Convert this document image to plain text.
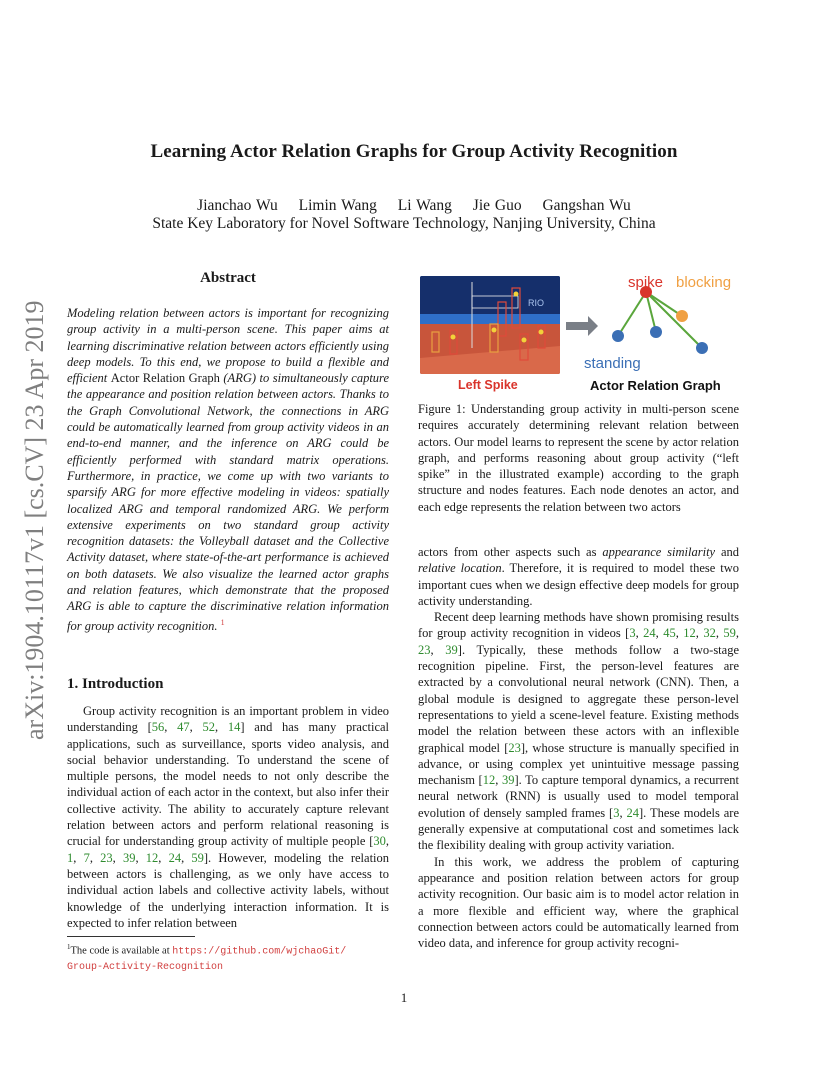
arXiv:1904.10117v1 [cs.CV] 23 Apr 2019
Learning Actor Relation Graphs for Group Activity Recognition
Jianchao Wu Limin Wang Li Wang Jie Guo Gangshan Wu
State Key Laboratory for Novel Software Technology, Nanjing University, China
Abstract
Modeling relation between actors is important for recognizing group activity in a multi-person scene. This paper aims at learning discriminative relation between actors efficiently using deep models. To this end, we propose to build a flexible and efficient Actor Relation Graph (ARG) to simultaneously capture the appearance and position relation between actors. Thanks to the Graph Convolutional Network, the connections in ARG could be automatically learned from group activity videos in an end-to-end manner, and the inference on ARG could be efficiently performed with standard matrix operations. Furthermore, in practice, we come up with two variants to sparsify ARG for more effective modeling in videos: spatially localized ARG and temporal randomized ARG. We perform extensive experiments on two standard group activity recognition datasets: the Volleyball dataset and the Collective Activity dataset, where state-of-the-art performance is achieved on both datasets. We also visualize the learned actor graphs and relation features, which demonstrate that the proposed ARG is able to capture the discriminative relation information for group activity recognition. $^1$
1. Introduction

Group activity recognition is an important problem in video understanding [56, 47, 52, 14] and has many practical applications, such as surveillance, sports video analysis, and social behavior understanding. To understand the scene of multiple persons, the model needs to not only describe the individual action of each actor in the context, but also infer their collective activity. The ability to accurately capture relevant relation between actors and perform relational reasoning is crucial for understanding group activity of multiple people [30, 1, 7, 23, 39, 12, 24, 59]. However, modeling the relation between actors is challenging, as we only have access to individual action labels and collective activity labels, without knowledge of the underlying interaction information. It is expected to infer relation between

$^1$The code is available at https://github.com/wjchaoGit/
Group-Activity-Recognition
RIO
Left Spike	Actor Relation Graph
spike blocking
standing
Figure 1: Understanding group activity in multi-person scene requires accurately determining relevant relation between actors. Our model learns to represent the scene by actor relation graph, and performs reasoning about group activity (“left spike” in the illustrated example) according to the graph structure and nodes features. Each node denotes an actor, and each edge represents the relation between two actors

actors from other aspects such as appearance similarity and relative location. Therefore, it is required to model these two important cues when we design effective deep models for group activity understanding.

Recent deep learning methods have shown promising results for group activity recognition in videos [3, 24, 45, 12, 32, 59, 23, 39]. Typically, these methods follow a two-stage recognition pipeline. First, the person-level features are extracted by a convolutional neural network (CNN). Then, a global module is designed to aggregate these person-level representations to yield a scene-level feature. Existing methods model the relation between these actors with an inflexible graphical model [23], whose structure is manually specified in advance, or using complex yet unintuitive message passing mechanism [12, 39]. To capture temporal dynamics, a recurrent neural network (RNN) is usually used to model temporal evolution of densely sampled frames [3, 24]. These models are generally expensive at computational cost and sometimes lack the flexibility dealing with group activity variation.

In this work, we address the problem of capturing appearance and position relation between actors for group activity recognition. Our basic aim is to model actor relation in a more flexible and efficient way, where the graphical connection between actors could be automatically learned from video data, and inference for group activity recogni-

1
